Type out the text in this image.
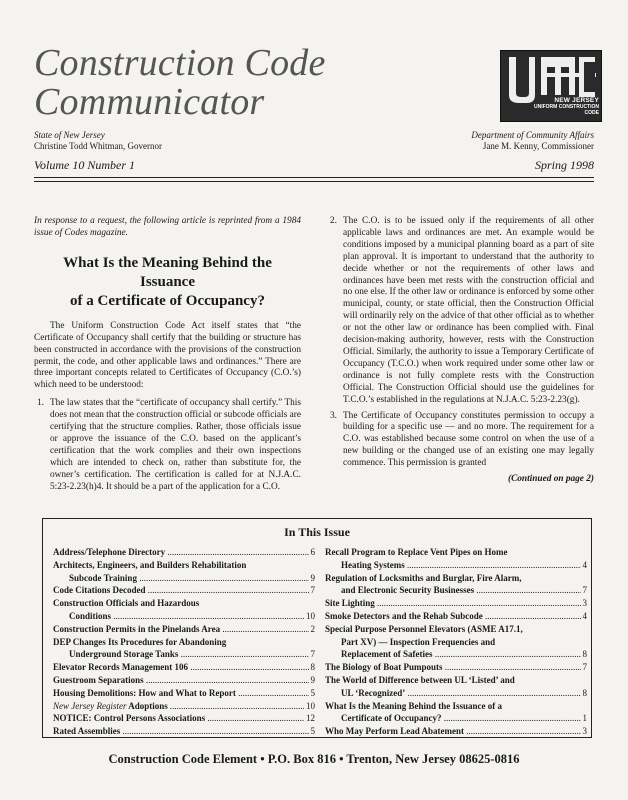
Construction Code
Communicator	NEW JERSEY
UNIFORM CONSTRUCTION
CODE
State of New Jersey
Christine Todd Whitman, Governor
Department of Community Affairs
Jane M. Kenny, Commissioner
Volume 10 Number 1	Spring 1998

In response to a request, the following article is reprinted from a 1984 issue of Codes magazine.

What Is the Meaning Behind the Issuance
of a Certificate of Occupancy?

The Uniform Construction Code Act itself states that “the Certificate of Occupancy shall certify that the building or structure has been constructed in accordance with the provisions of the construction permit, the code, and other applicable laws and ordinances.” There are three important concepts related to Certificates of Occupancy (C.O.’s) which need to be understood:

1. The law states that the “certificate of occupancy shall certify.” This does not mean that the construction official or subcode officials are certifying that the structure complies. Rather, those officials issue or approve the issuance of the C.O. based on the applicant’s certification that the work complies and their own inspections which are intended to check on, rather than substitute for, the owner’s certification. The certification is called for at N.J.A.C. 5:23-2.23(h)4. It should be a part of the application for a C.O.
2. The C.O. is to be issued only if the requirements of all other applicable laws and ordinances are met. An example would be conditions imposed by a municipal planning board as a part of site plan approval. It is important to understand that the authority to decide whether or not the requirements of other laws and ordinances have been met rests with the construction official and no one else. If the other law or ordinance is enforced by some other municipal, county, or state official, then the Construction Official will ordinarily rely on the advice of that other official as to whether or not the other law or ordinance has been complied with. Final decision-making authority, however, rests with the Construction Official. Similarly, the authority to issue a Temporary Certificate of Occupancy (T.C.O.) when work required under some other law or ordinance is not fully complete rests with the Construction Official. The Construction Official should use the guidelines for T.C.O.’s established in the regulations at N.J.A.C. 5:23-2.23(g).
3. The Certificate of Occupancy constitutes permission to occupy a building for a specific use — and no more. The requirement for a C.O. was established because some control on when the use of a new building or the changed use of an existing one may legally commence. This permission is granted
(Continued on page 2)
In This Issue
Address/Telephone Directory .....	6
Architects, Engineers, and Builders Rehabilitation
Subcode Training .....	9
Code Citations Decoded .....	7
Construction Officials and Hazardous
Conditions .....	10
Construction Permits in the Pinelands Area .....	2
DEP Changes Its Procedures for Abandoning
Underground Storage Tanks .....	7
Elevator Records Management 106 .....	8
Guestroom Separations .....	9
Housing Demolitions: How and What to Report .....	5
New Jersey Register Adoptions .....	10
NOTICE: Control Persons Associations .....	12
Rated Assemblies .....	5
Recall Program to Replace Vent Pipes on Home
Heating Systems .....	4
Regulation of Locksmiths and Burglar, Fire Alarm,
and Electronic Security Businesses .....	7
Site Lighting .....	3
Smoke Detectors and the Rehab Subcode .....	4
Special Purpose Personnel Elevators (ASME A17.1,
Part XV) — Inspection Frequencies and
Replacement of Safeties .....	8
The Biology of Boat Pumpouts .....	7
The World of Difference between UL ‘Listed’ and
UL ‘Recognized’ .....	8
What Is the Meaning Behind the Issuance of a
Certificate of Occupancy? .....	1
Who May Perform Lead Abatement .....	3
Construction Code Element • P.O. Box 816 • Trenton, New Jersey 08625-0816
